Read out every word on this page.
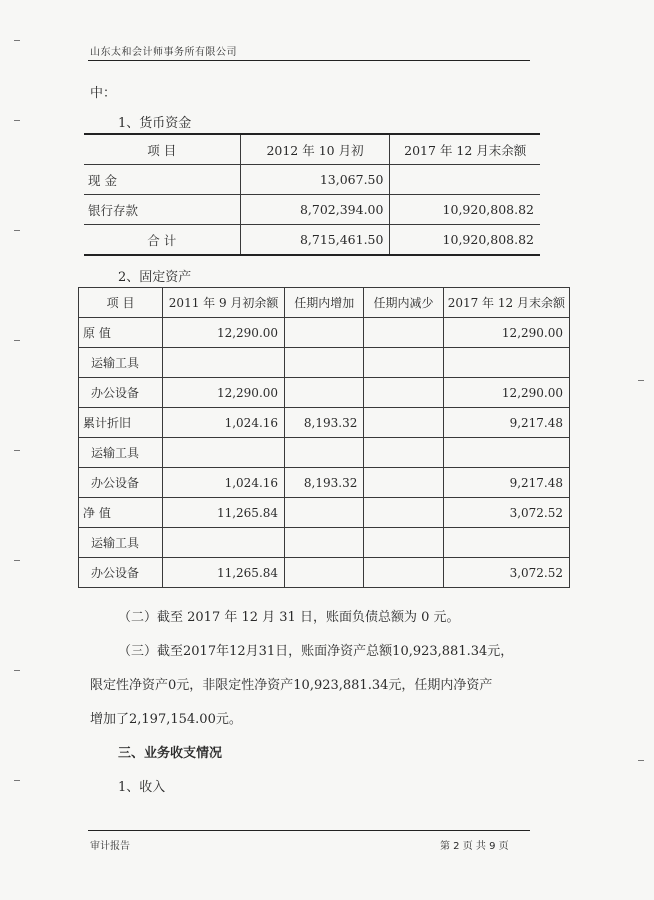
山东太和会计师事务所有限公司
中：
1、货币资金
项 目	2012 年 10 月初	2017 年 12 月末余额
现 金	13,067.50	
银行存款	8,702,394.00	10,920,808.82
合 计	8,715,461.50	10,920,808.82
2、固定资产
项 目	2011 年 9 月初余额	任期内增加	任期内减少	2017 年 12 月末余额
原 值	12,290.00			12,290.00
运输工具				
办公设备	12,290.00			12,290.00
累计折旧	1,024.16	8,193.32		9,217.48
运输工具				
办公设备	1,024.16	8,193.32		9,217.48
净 值	11,265.84			3,072.52
运输工具				
办公设备	11,265.84			3,072.52
（二）截至 2017 年 12 月 31 日，账面负债总额为 0 元。
（三）截至2017年12月31日，账面净资产总额10,923,881.34元，
限定性净资产0元，非限定性净资产10,923,881.34元，任期内净资产
增加了2,197,154.00元。
三、业务收支情况
1、收入
审计报告	第 2 页 共 9 页
